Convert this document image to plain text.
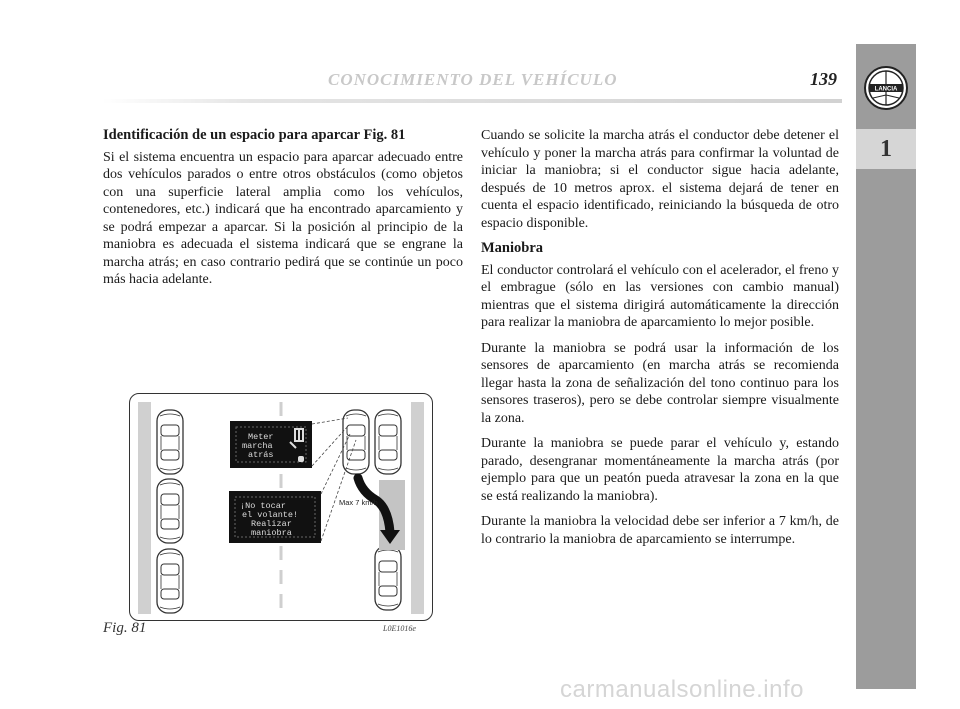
LANCIA
1
CONOCIMIENTO DEL VEHÍCULO	139
Identificación de un espacio para aparcar Fig. 81

Si el sistema encuentra un espacio para aparcar adecuado entre dos vehículos parados o entre otros obstáculos (como objetos con una superficie lateral amplia como los vehículos, contenedores, etc.) indicará que ha encontrado aparcamiento y se podrá empezar a aparcar. Si la posición al principio de la maniobra es adecuada el sistema indicará que se engrane la marcha atrás; en caso contrario pedirá que se continúe un poco más hacia adelante.

Cuando se solicite la marcha atrás el conductor debe detener el vehículo y poner la marcha atrás para confirmar la voluntad de iniciar la maniobra; si el conductor sigue hacia adelante, después de 10 metros aprox. el sistema dejará de tener en cuenta el espacio identificado, reiniciando la búsqueda de otro espacio disponible.

Maniobra

El conductor controlará el vehículo con el acelerador, el freno y el embrague (sólo en las versiones con cambio manual) mientras que el sistema dirigirá automáticamente la dirección para realizar la maniobra de aparcamiento lo mejor posible.

Durante la maniobra se podrá usar la información de los sensores de aparcamiento (en marcha atrás se recomienda llegar hasta la zona de señalización del tono continuo para los sensores traseros), pero se debe controlar siempre visualmente la zona.

Durante la maniobra se puede parar el vehículo y, estando parado, desengranar momentáneamente la marcha atrás (por ejemplo para que un peatón pueda atravesar la zona en la que se está realizando la maniobra).

Durante la maniobra la velocidad debe ser inferior a 7 km/h, de lo contrario la maniobra de aparcamiento se interrumpe.

Max 7 km/h
Meter
marcha
atrás
¡No tocar
el volante!
Realizar
maniobra
Fig. 81	L0E1016e
carmanualsonline.info
